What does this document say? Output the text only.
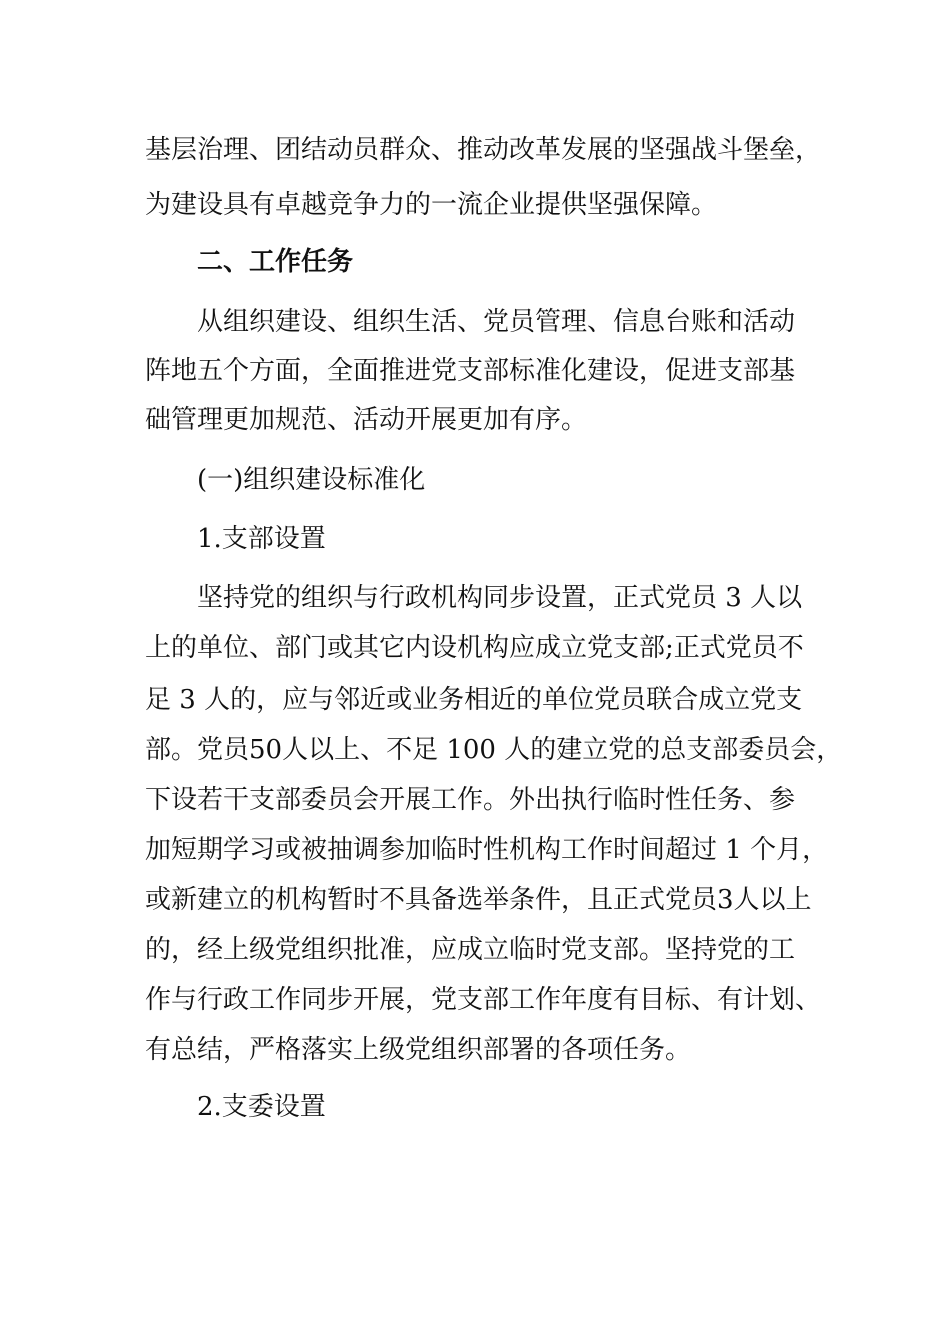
基层治理、团结动员群众、推动改革发展的坚强战斗堡垒，

为建设具有卓越竞争力的一流企业提供坚强保障。

二、工作任务

从组织建设、组织生活、党员管理、信息台账和活动

阵地五个方面，全面推进党支部标准化建设，促进支部基

础管理更加规范、活动开展更加有序。

(一)组织建设标准化

1.支部设置

坚持党的组织与行政机构同步设置，正式党员 3 人以

上的单位、部门或其它内设机构应成立党支部;正式党员不

足 3 人的，应与邻近或业务相近的单位党员联合成立党支

部。党员50人以上、不足 100 人的建立党的总支部委员会，

下设若干支部委员会开展工作。外出执行临时性任务、参

加短期学习或被抽调参加临时性机构工作时间超过 1 个月，

或新建立的机构暂时不具备选举条件，且正式党员3人以上

的，经上级党组织批准，应成立临时党支部。坚持党的工

作与行政工作同步开展，党支部工作年度有目标、有计划、

有总结，严格落实上级党组织部署的各项任务。

2.支委设置
